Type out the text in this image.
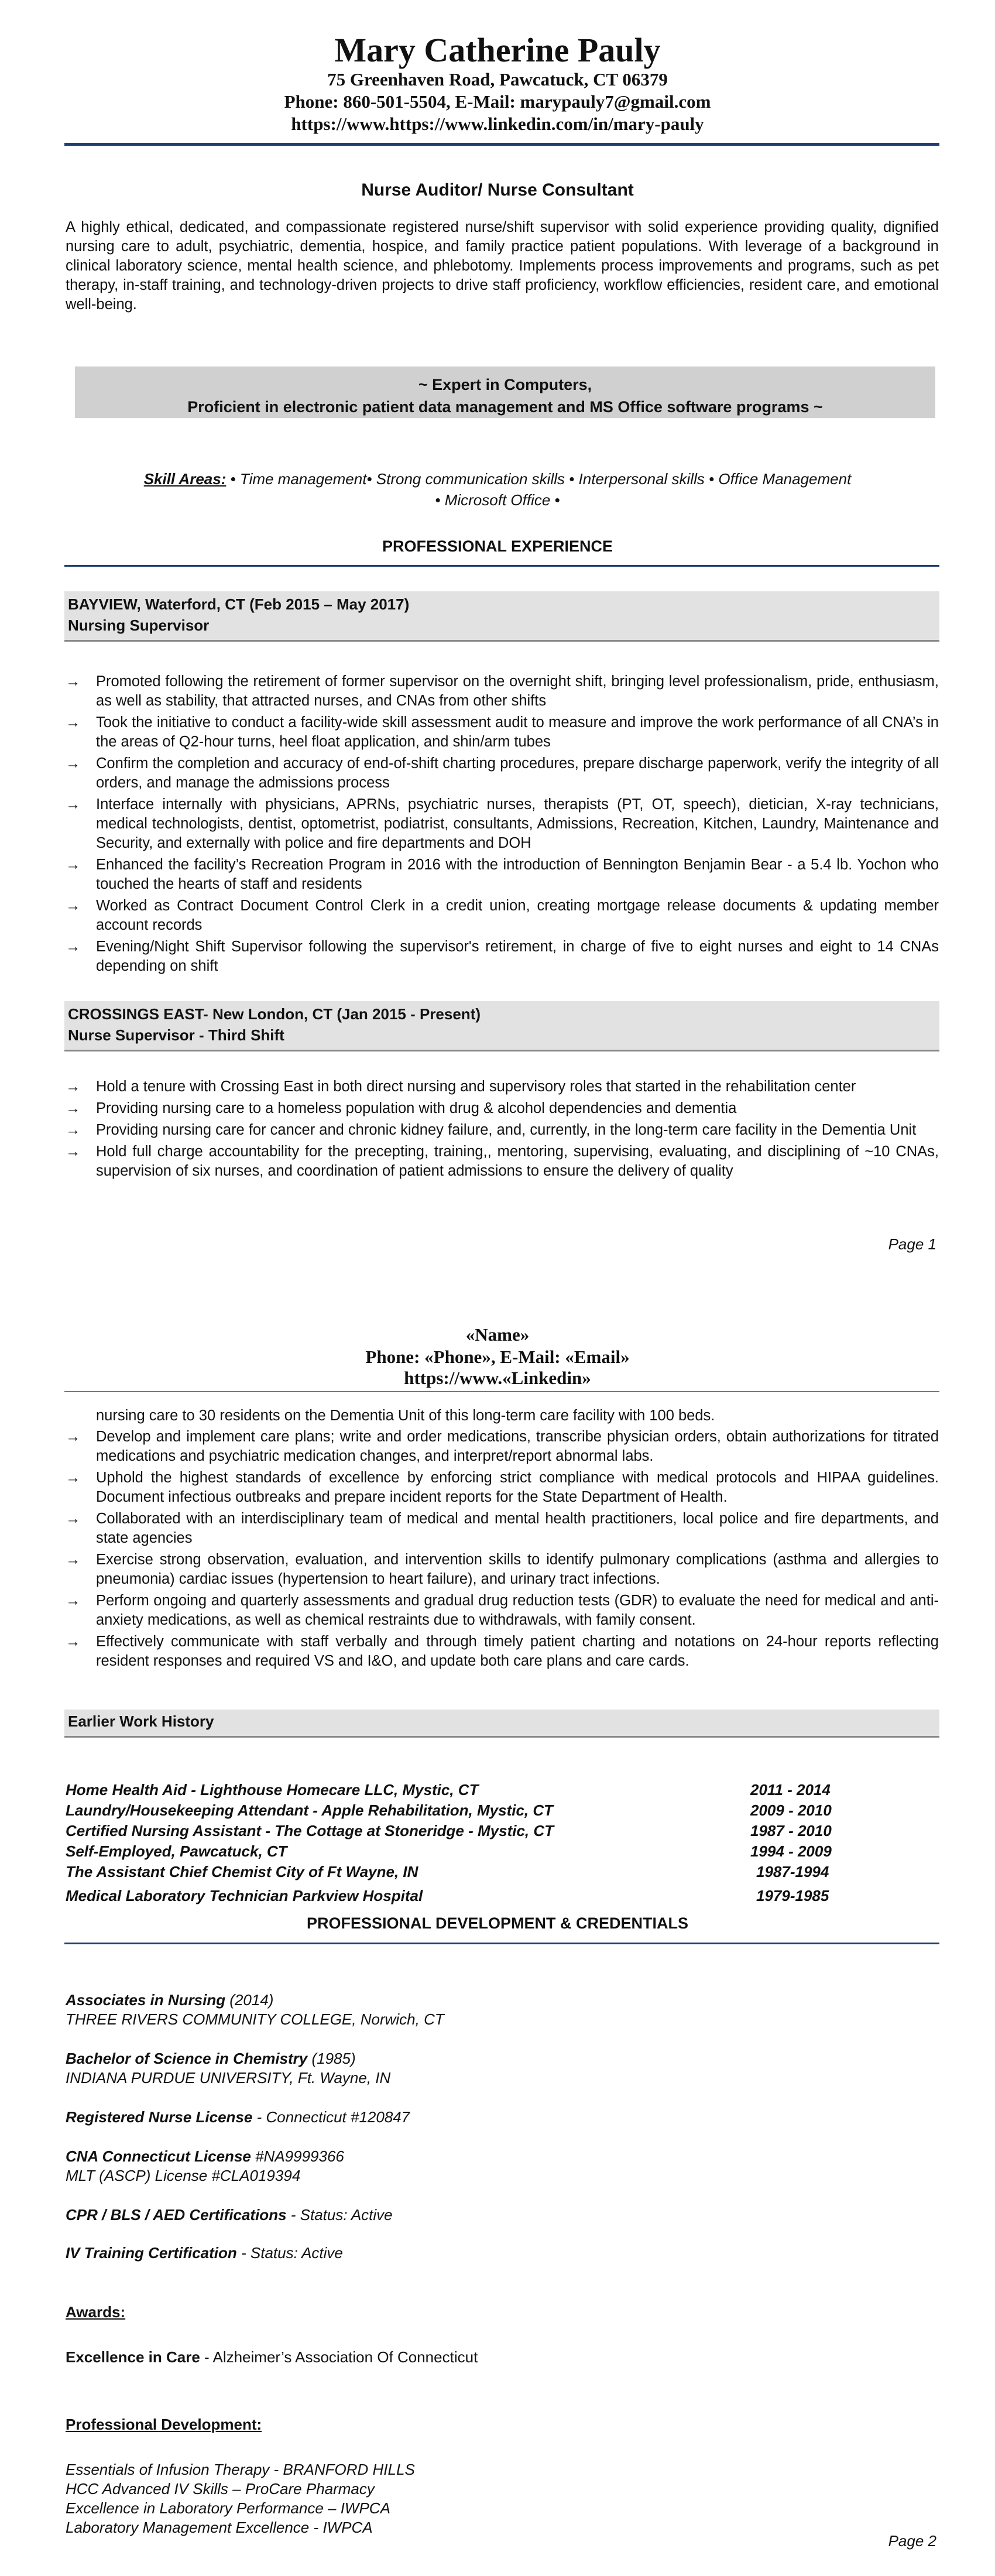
Mary Catherine Pauly
75 Greenhaven Road, Pawcatuck, CT 06379
Phone: 860-501-5504, E-Mail: marypauly7@gmail.com
https://www.https://www.linkedin.com/in/mary-pauly
Nurse Auditor/ Nurse Consultant
A highly ethical, dedicated, and compassionate registered nurse/shift supervisor with solid experience providing quality, dignified nursing care to adult, psychiatric, dementia, hospice, and family practice patient populations. With leverage of a background in clinical laboratory science, mental health science, and phlebotomy. Implements process improvements and programs, such as pet therapy, in-staff training, and technology-driven projects to drive staff proficiency, workflow efficiencies, resident care, and emotional well-being.
~ Expert in Computers,
Proficient in electronic patient data management and MS Office software programs ~
Skill Areas: • Time management• Strong communication skills • Interpersonal skills • Office Management
• Microsoft Office •
PROFESSIONAL EXPERIENCE
BAYVIEW, Waterford, CT (Feb 2015 – May 2017)
Nursing Supervisor
→ Promoted following the retirement of former supervisor on the overnight shift, bringing level professionalism, pride, enthusiasm, as well as stability, that attracted nurses, and CNAs from other shifts
→ Took the initiative to conduct a facility-wide skill assessment audit to measure and improve the work performance of all CNA’s in the areas of Q2-hour turns, heel float application, and shin/arm tubes
→ Confirm the completion and accuracy of end-of-shift charting procedures, prepare discharge paperwork, verify the integrity of all orders, and manage the admissions process
→ Interface internally with physicians, APRNs, psychiatric nurses, therapists (PT, OT, speech), dietician, X-ray technicians, medical technologists, dentist, optometrist, podiatrist, consultants, Admissions, Recreation, Kitchen, Laundry, Maintenance and Security, and externally with police and fire departments and DOH
→ Enhanced the facility’s Recreation Program in 2016 with the introduction of Bennington Benjamin Bear - a 5.4 lb. Yochon who touched the hearts of staff and residents
→ Worked as Contract Document Control Clerk in a credit union, creating mortgage release documents & updating member account records
→ Evening/Night Shift Supervisor following the supervisor's retirement, in charge of five to eight nurses and eight to 14 CNAs depending on shift
CROSSINGS EAST- New London, CT (Jan 2015 - Present)
Nurse Supervisor - Third Shift
→ Hold a tenure with Crossing East in both direct nursing and supervisory roles that started in the rehabilitation center
→ Providing nursing care to a homeless population with drug & alcohol dependencies and dementia
→ Providing nursing care for cancer and chronic kidney failure, and, currently, in the long-term care facility in the Dementia Unit
→ Hold full charge accountability for the precepting, training,, mentoring, supervising, evaluating, and disciplining of ~10 CNAs, supervision of six nurses, and coordination of patient admissions to ensure the delivery of quality
Page 1
«Name»
Phone: «Phone», E-Mail: «Email»
https://www.«Linkedin»
nursing care to 30 residents on the Dementia Unit of this long-term care facility with 100 beds.
→ Develop and implement care plans; write and order medications, transcribe physician orders, obtain authorizations for titrated medications and psychiatric medication changes, and interpret/report abnormal labs.
→ Uphold the highest standards of excellence by enforcing strict compliance with medical protocols and HIPAA guidelines. Document infectious outbreaks and prepare incident reports for the State Department of Health.
→ Collaborated with an interdisciplinary team of medical and mental health practitioners, local police and fire departments, and state agencies
→ Exercise strong observation, evaluation, and intervention skills to identify pulmonary complications (asthma and allergies to pneumonia) cardiac issues (hypertension to heart failure), and urinary tract infections.
→ Perform ongoing and quarterly assessments and gradual drug reduction tests (GDR) to evaluate the need for medical and anti-anxiety medications, as well as chemical restraints due to withdrawals, with family consent.
→ Effectively communicate with staff verbally and through timely patient charting and notations on 24-hour reports reflecting resident responses and required VS and I&O, and update both care plans and care cards.
Earlier Work History
Home Health Aid - Lighthouse Homecare LLC, Mystic, CT	2011 - 2014
Laundry/Housekeeping Attendant - Apple Rehabilitation, Mystic, CT	2009 - 2010
Certified Nursing Assistant - The Cottage at Stoneridge - Mystic, CT	1987 - 2010
Self-Employed, Pawcatuck, CT	1994 - 2009
The Assistant Chief Chemist City of Ft Wayne, IN	1987-1994
Medical Laboratory Technician Parkview Hospital	1979-1985
PROFESSIONAL DEVELOPMENT & CREDENTIALS
Associates in Nursing (2014)
THREE RIVERS COMMUNITY COLLEGE, Norwich, CT
Bachelor of Science in Chemistry (1985)
INDIANA PURDUE UNIVERSITY, Ft. Wayne, IN
Registered Nurse License - Connecticut #120847
CNA Connecticut License #NA9999366
MLT (ASCP) License #CLA019394
CPR / BLS / AED Certifications - Status: Active
IV Training Certification - Status: Active
Awards:
Excellence in Care - Alzheimer’s Association Of Connecticut
Professional Development:
Essentials of Infusion Therapy - BRANFORD HILLS
HCC Advanced IV Skills – ProCare Pharmacy
Excellence in Laboratory Performance – IWPCA
Laboratory Management Excellence - IWPCA
Page 2
